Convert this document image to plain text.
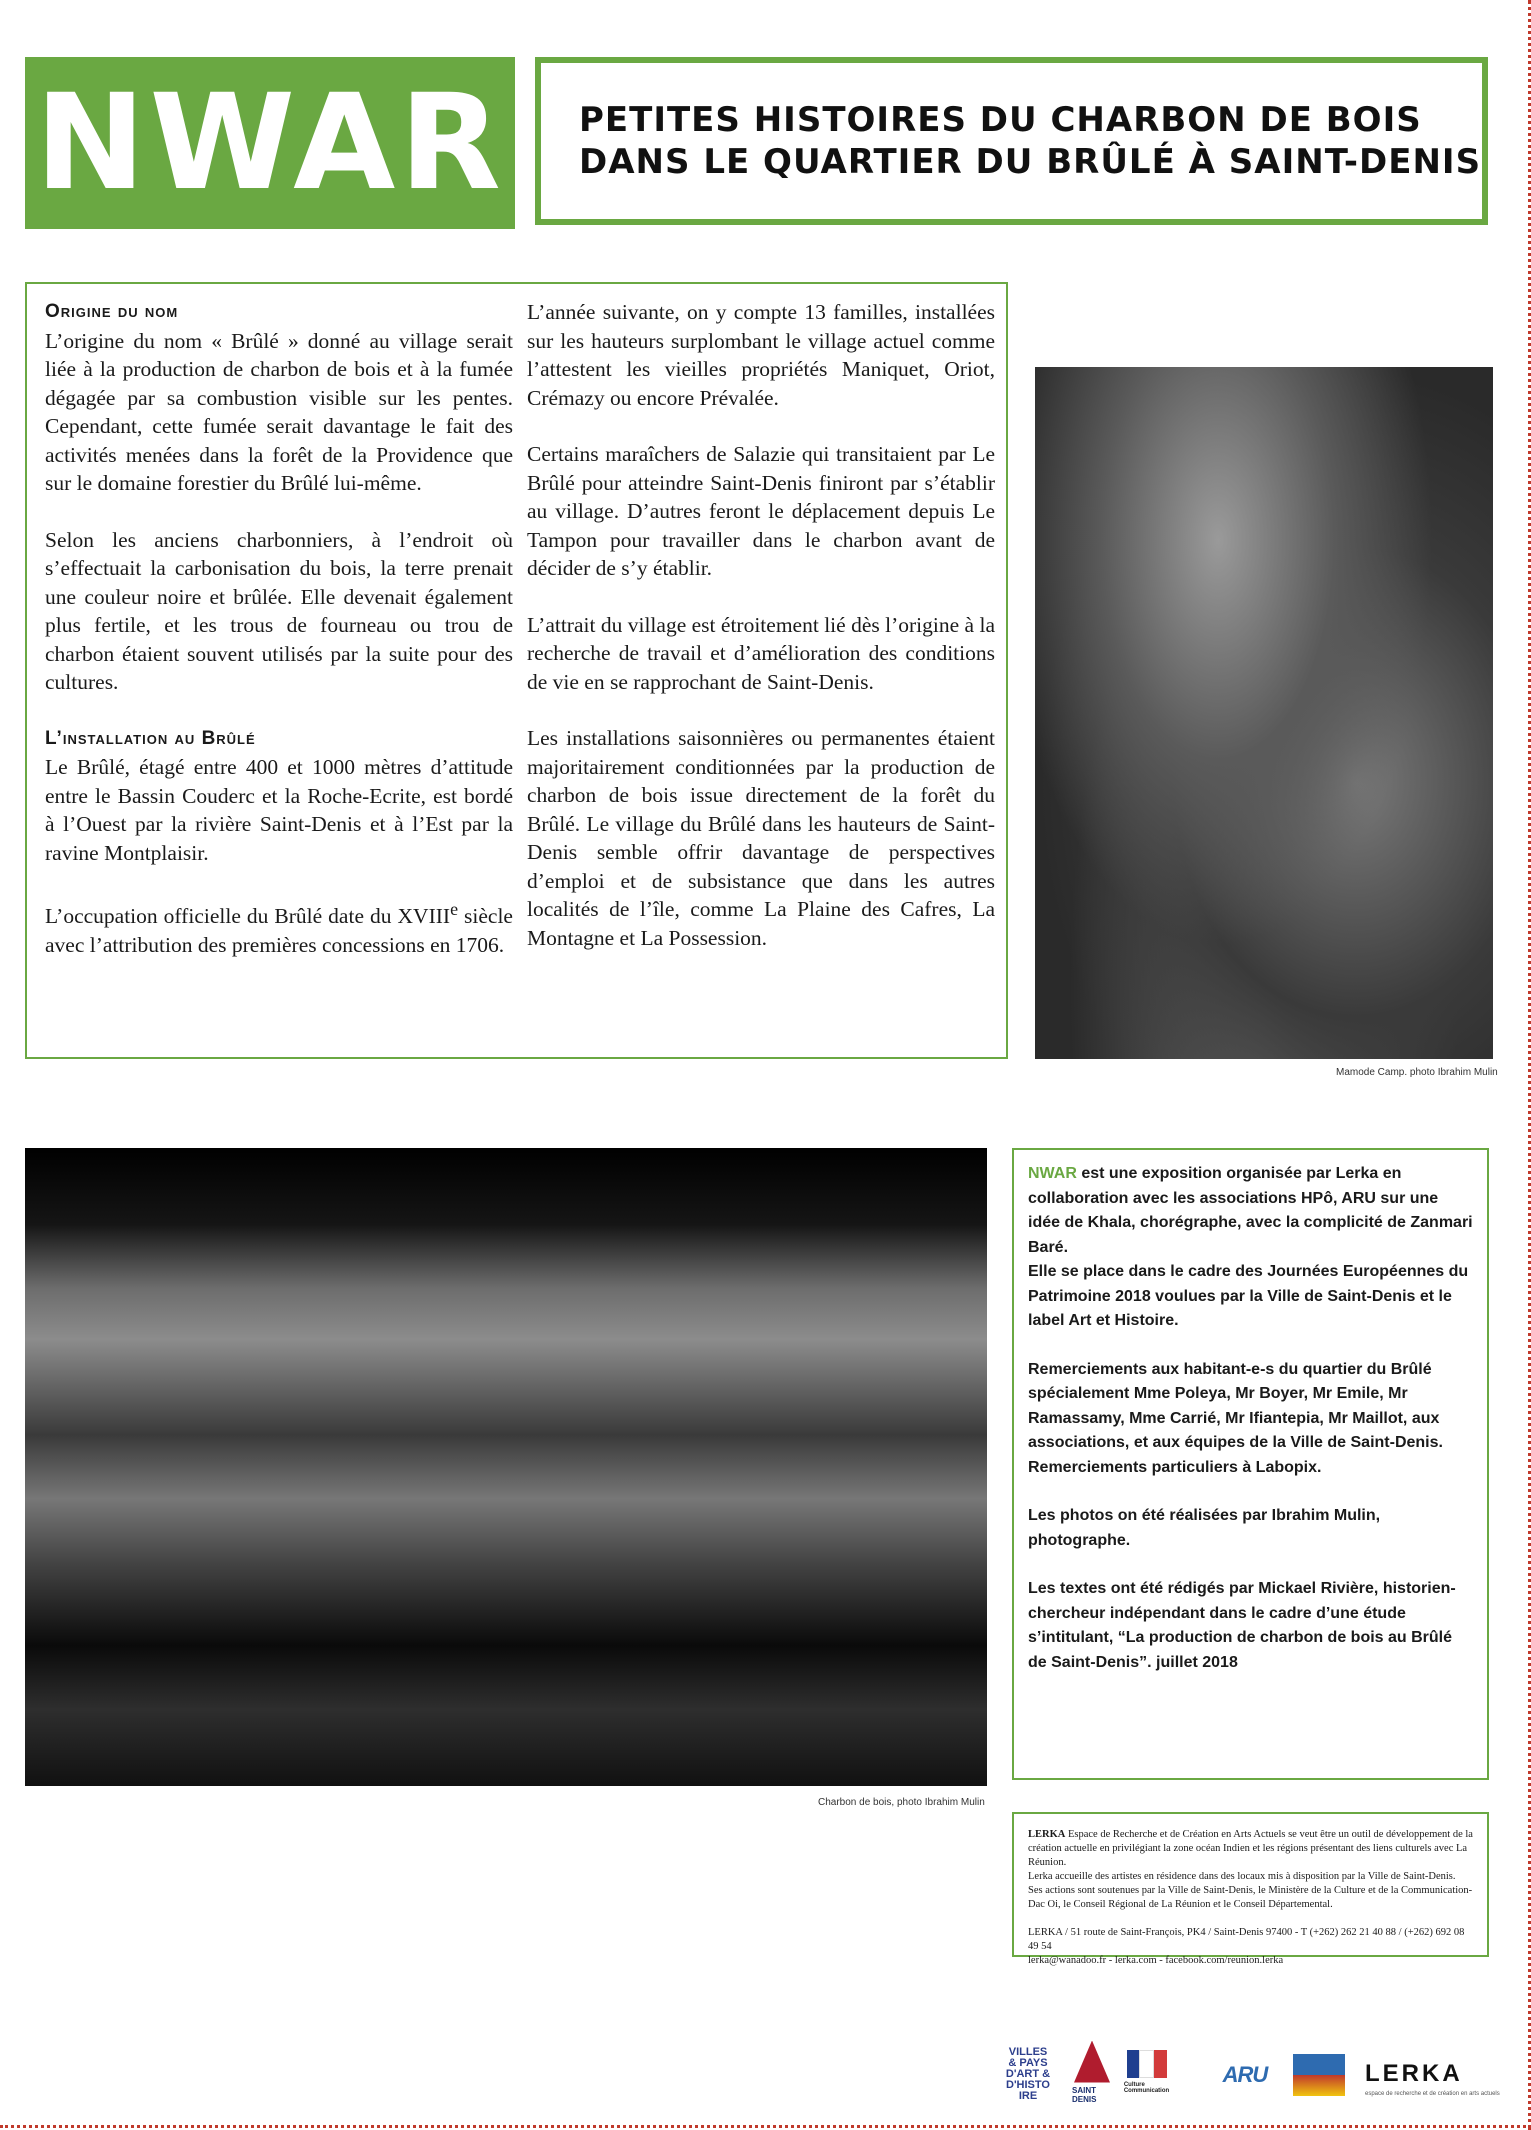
NWAR PETITES HISTOIRES DU CHARBON DE BOIS
DANS LE QUARTIER DU BRÛLÉ À SAINT-DENIS
Origine du nom

L’origine du nom « Brûlé » donné au village serait liée à la production de charbon de bois et à la fumée dégagée par sa combustion visible sur les pentes. Cependant, cette fumée serait davantage le fait des activités menées dans la forêt de la Providence que sur le domaine forestier du Brûlé lui-même.

Selon les anciens charbonniers, à l’endroit où s’effectuait la carbonisation du bois, la terre prenait une couleur noire et brûlée. Elle devenait également plus fertile, et les trous de fourneau ou trou de charbon étaient souvent utilisés par la suite pour des cultures.

L’installation au Brûlé

Le Brûlé, étagé entre 400 et 1000 mètres d’attitude entre le Bassin Couderc et la Roche-Ecrite, est bordé à l’Ouest par la rivière Saint-Denis et à l’Est par la ravine Montplaisir.

L’occupation officielle du Brûlé date du XVIIIe siècle avec l’attribution des premières concessions en 1706.

L’année suivante, on y compte 13 familles, installées sur les hauteurs surplombant le village actuel comme l’attestent les vieilles propriétés Maniquet, Oriot, Crémazy ou encore Prévalée.

Certains maraîchers de Salazie qui transitaient par Le Brûlé pour atteindre Saint-Denis finiront par s’établir au village. D’autres feront le déplacement depuis Le Tampon pour travailler dans le charbon avant de décider de s’y établir.

L’attrait du village est étroitement lié dès l’origine à la recherche de travail et d’amélioration des conditions de vie en se rapprochant de Saint-Denis.

Les installations saisonnières ou permanentes étaient majoritairement conditionnées par la production de charbon de bois issue directement de la forêt du Brûlé. Le village du Brûlé dans les hauteurs de Saint-Denis semble offrir davantage de perspectives d’emploi et de subsistance que dans les autres localités de l’île, comme La Plaine des Cafres, La Montagne et La Possession.

Mamode Camp. photo Ibrahim Mulin
Charbon de bois, photo Ibrahim Mulin

NWAR est une exposition organisée par Lerka en collaboration avec les associations HPô, ARU sur une idée de Khala, chorégraphe, avec la complicité de Zanmari Baré.
Elle se place dans le cadre des Journées Européennes du Patrimoine 2018 voulues par la Ville de Saint-Denis et le label Art et Histoire.

Remerciements aux habitant-e-s du quartier du Brûlé spécialement Mme Poleya, Mr Boyer, Mr Emile, Mr Ramassamy, Mme Carrié, Mr Ifiantepia, Mr Maillot, aux associations, et aux équipes de la Ville de Saint-Denis.
Remerciements particuliers à Labopix.

Les photos on été réalisées par Ibrahim Mulin, photographe.

Les textes ont été rédigés par Mickael Rivière, historien-chercheur indépendant dans le cadre d’une étude s’intitulant, “La production de charbon de bois au Brûlé de Saint-Denis”. juillet 2018

LERKA Espace de Recherche et de Création en Arts Actuels se veut être un outil de développement de la création actuelle en privilégiant la zone océan Indien et les régions présentant des liens culturels avec La Réunion.

Lerka accueille des artistes en résidence dans des locaux mis à disposition par la Ville de Saint-Denis.

Ses actions sont soutenues par la Ville de Saint-Denis, le Ministère de la Culture et de la Communication-Dac Oi, le Conseil Régional de La Réunion et le Conseil Départemental.

LERKA / 51 route de Saint-François, PK4 / Saint-Denis 97400 - T (+262) 262 21 40 88 / (+262) 692 08 49 54

lerka@wanadoo.fr - lerka.com - facebook.com/reunion.lerka

VILLES
& PAYS
D'ART &
D'HISTO
IRE	SAINT DENIS
Culture Communication
ARU	LERKA
espace de recherche et de création en arts actuels
